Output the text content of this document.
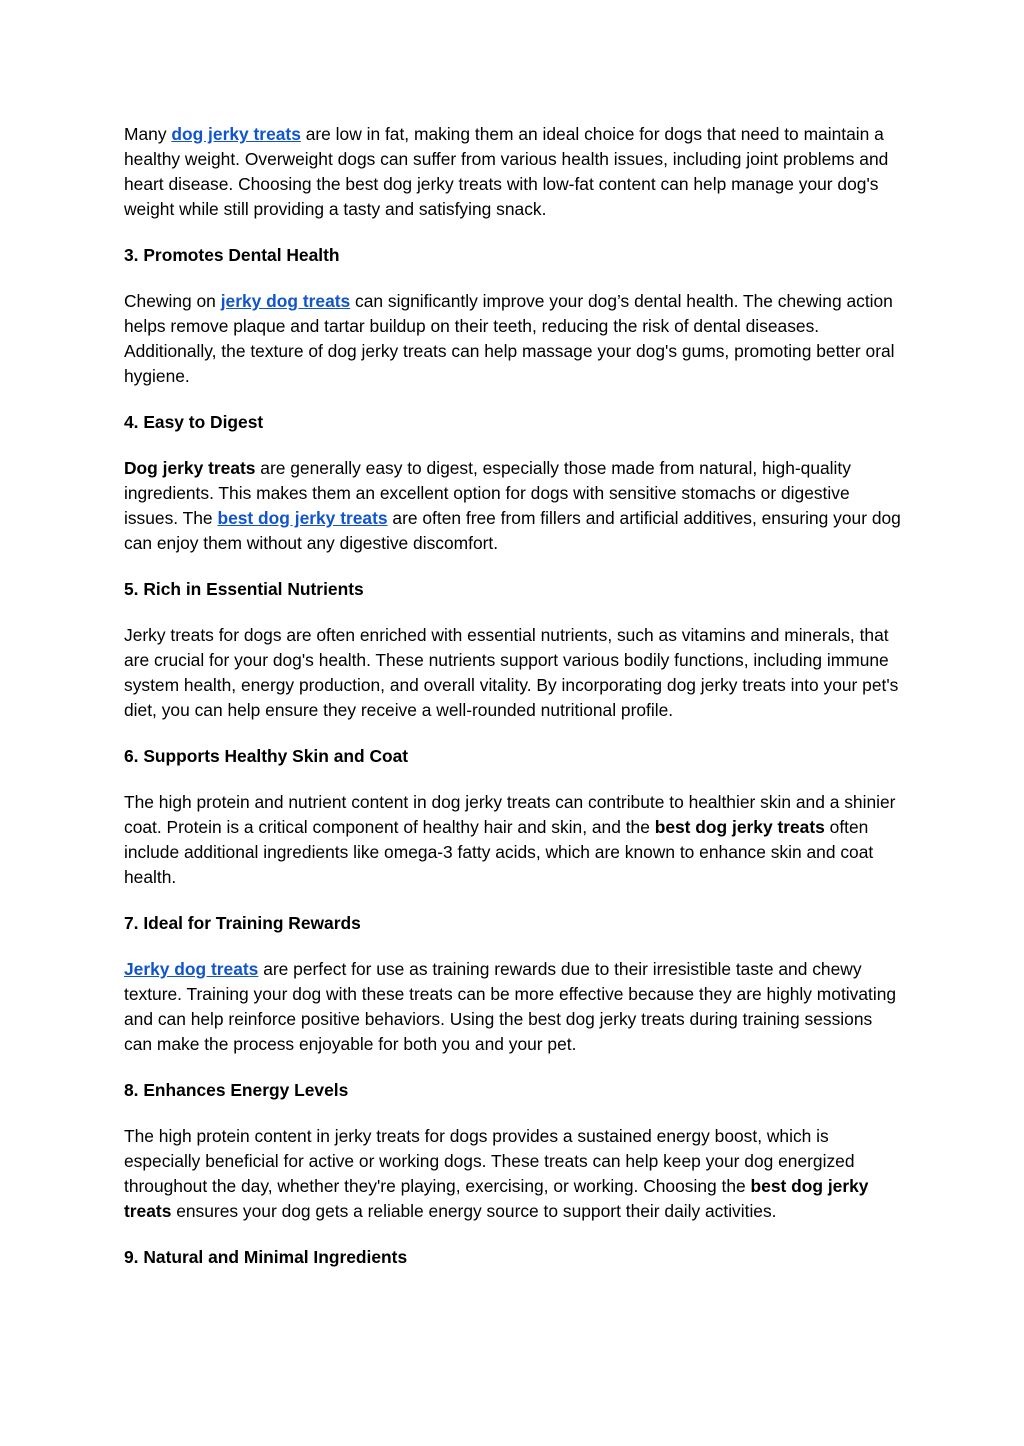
Many dog jerky treats are low in fat, making them an ideal choice for dogs that need to maintain a healthy weight. Overweight dogs can suffer from various health issues, including joint problems and heart disease. Choosing the best dog jerky treats with low-fat content can help manage your dog's weight while still providing a tasty and satisfying snack.

3. Promotes Dental Health

Chewing on jerky dog treats can significantly improve your dog’s dental health. The chewing action helps remove plaque and tartar buildup on their teeth, reducing the risk of dental diseases. Additionally, the texture of dog jerky treats can help massage your dog's gums, promoting better oral hygiene.

4. Easy to Digest

Dog jerky treats are generally easy to digest, especially those made from natural, high-quality ingredients. This makes them an excellent option for dogs with sensitive stomachs or digestive issues. The best dog jerky treats are often free from fillers and artificial additives, ensuring your dog can enjoy them without any digestive discomfort.

5. Rich in Essential Nutrients

Jerky treats for dogs are often enriched with essential nutrients, such as vitamins and minerals, that are crucial for your dog's health. These nutrients support various bodily functions, including immune system health, energy production, and overall vitality. By incorporating dog jerky treats into your pet's diet, you can help ensure they receive a well-rounded nutritional profile.

6. Supports Healthy Skin and Coat

The high protein and nutrient content in dog jerky treats can contribute to healthier skin and a shinier coat. Protein is a critical component of healthy hair and skin, and the best dog jerky treats often include additional ingredients like omega-3 fatty acids, which are known to enhance skin and coat health.

7. Ideal for Training Rewards

Jerky dog treats are perfect for use as training rewards due to their irresistible taste and chewy texture. Training your dog with these treats can be more effective because they are highly motivating and can help reinforce positive behaviors. Using the best dog jerky treats during training sessions can make the process enjoyable for both you and your pet.

8. Enhances Energy Levels

The high protein content in jerky treats for dogs provides a sustained energy boost, which is especially beneficial for active or working dogs. These treats can help keep your dog energized throughout the day, whether they're playing, exercising, or working. Choosing the best dog jerky treats ensures your dog gets a reliable energy source to support their daily activities.

9. Natural and Minimal Ingredients
